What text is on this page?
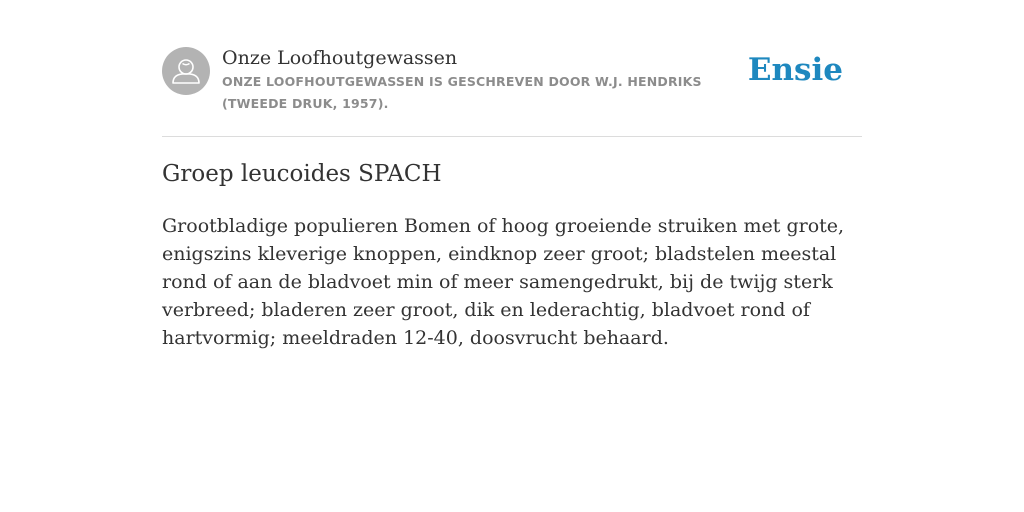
Onze Loofhoutgewassen
ONZE LOOFHOUTGEWASSEN IS GESCHREVEN DOOR W.J. HENDRIKS (TWEEDE DRUK, 1957).
Ensie
Groep leucoides SPACH

Grootbladige populieren Bomen of hoog groeiende struiken met grote, enigszins kleverige knoppen, eindknop zeer groot; bladstelen meestal rond of aan de bladvoet min of meer samengedrukt, bij de twijg sterk verbreed; bladeren zeer groot, dik en lederachtig, bladvoet rond of hartvormig; meeldraden 12-40, doosvrucht behaard.
